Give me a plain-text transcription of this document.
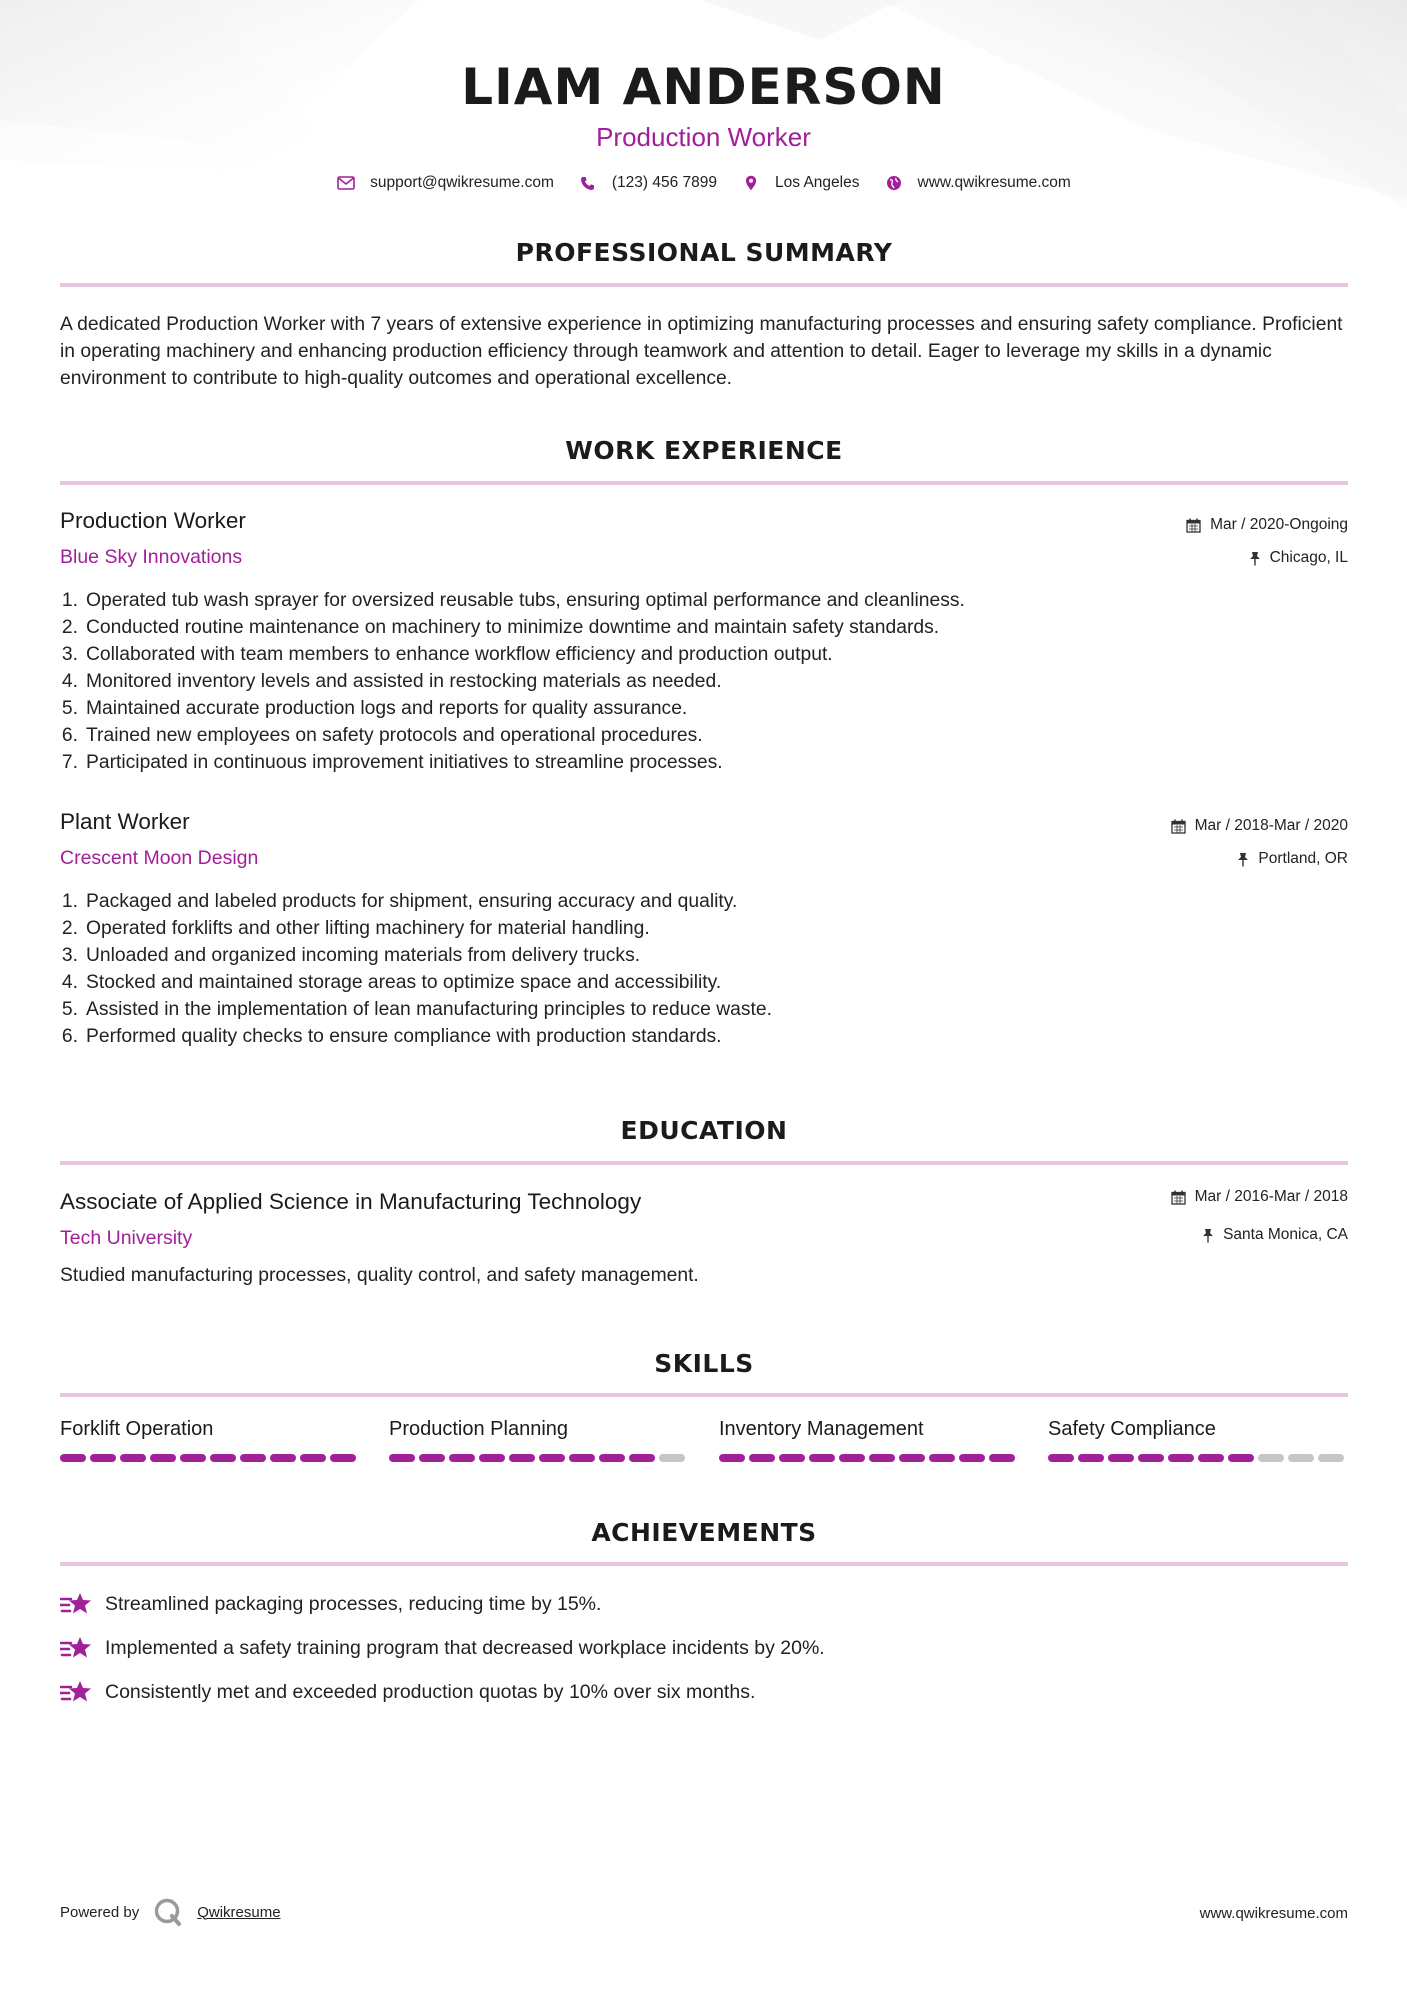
LIAM ANDERSON
Production Worker
support@qwikresume.com	(123) 456 7899	Los Angeles	www.qwikresume.com
PROFESSIONAL SUMMARY
A dedicated Production Worker with 7 years of extensive experience in optimizing manufacturing processes and ensuring safety compliance. Proficient in operating machinery and enhancing production efficiency through teamwork and attention to detail. Eager to leverage my skills in a dynamic environment to contribute to high-quality outcomes and operational excellence.
WORK EXPERIENCE
Production Worker
Blue Sky Innovations
Mar / 2020-Ongoing
Chicago, IL
1. Operated tub wash sprayer for oversized reusable tubs, ensuring optimal performance and cleanliness.
2. Conducted routine maintenance on machinery to minimize downtime and maintain safety standards.
3. Collaborated with team members to enhance workflow efficiency and production output.
4. Monitored inventory levels and assisted in restocking materials as needed.
5. Maintained accurate production logs and reports for quality assurance.
6. Trained new employees on safety protocols and operational procedures.
7. Participated in continuous improvement initiatives to streamline processes.
Plant Worker
Crescent Moon Design
Mar / 2018-Mar / 2020
Portland, OR
1. Packaged and labeled products for shipment, ensuring accuracy and quality.
2. Operated forklifts and other lifting machinery for material handling.
3. Unloaded and organized incoming materials from delivery trucks.
4. Stocked and maintained storage areas to optimize space and accessibility.
5. Assisted in the implementation of lean manufacturing principles to reduce waste.
6. Performed quality checks to ensure compliance with production standards.
EDUCATION
Associate of Applied Science in Manufacturing Technology
Tech University
Mar / 2016-Mar / 2018
Santa Monica, CA
Studied manufacturing processes, quality control, and safety management.
SKILLS
Forklift Operation	Production Planning	Inventory Management	Safety Compliance
ACHIEVEMENTS
Streamlined packaging processes, reducing time by 15%.
Implemented a safety training program that decreased workplace incidents by 20%.
Consistently met and exceeded production quotas by 10% over six months.
Powered by	Qwikresume	www.qwikresume.com
